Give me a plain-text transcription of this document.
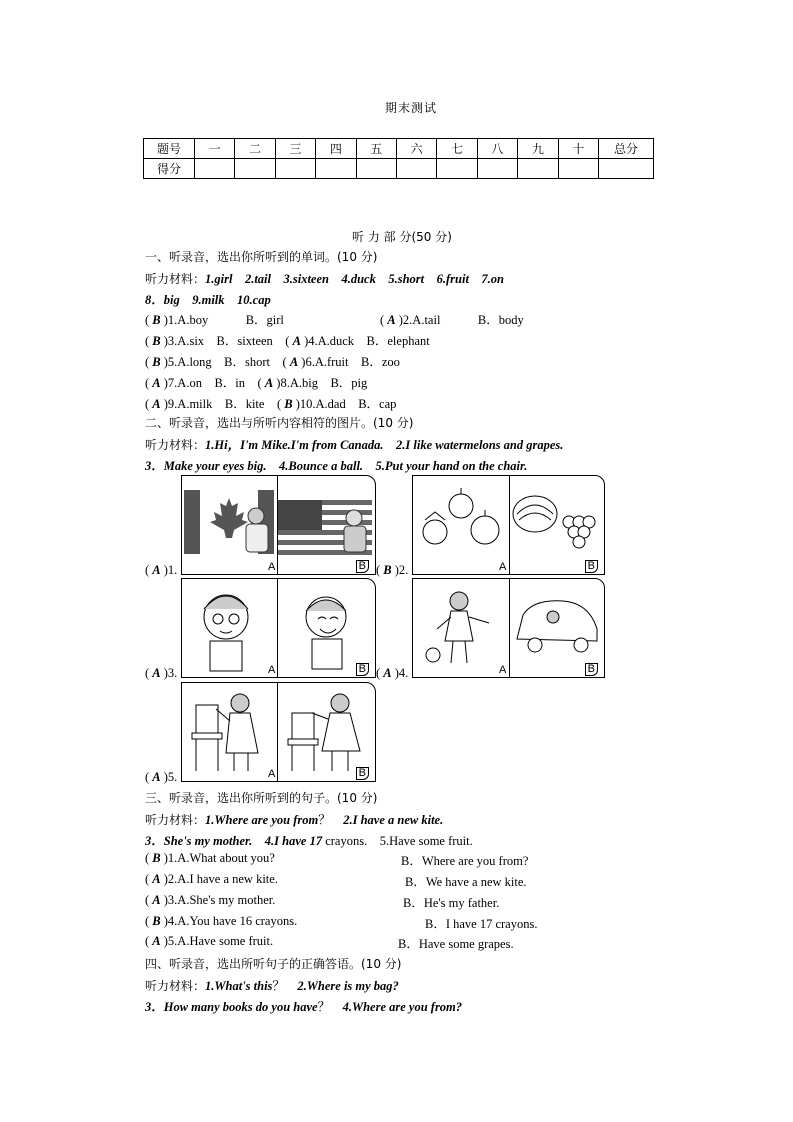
期末测试
题号	一	二	三	四	五	六	七	八	九	十	总分
得分											
听 力 部 分(50 分)
一、听录音，选出你所听到的单词。(10 分)
听力材料：1.girl　2.tail　3.sixteen　4.duck　5.short　6.fruit　7.on
8．big　9.milk　10.cap
( B )1.A.boy　　　B．girl	( A )2.A.tail　　　B．body
( B )3.A.six　B．sixteen　( A )4.A.duck　B．elephant
( B )5.A.long　B．short　( A )6.A.fruit　B．zoo
( A )7.A.on　B．in　( A )8.A.big　B．pig
( A )9.A.milk　B．kite　( B )10.A.dad　B．cap
二、听录音，选出与所听内容相符的图片。(10 分)
听力材料：1.Hi，I'm Mike.I'm from Canada.　2.I like watermelons and grapes.
3．Make your eyes big.　4.Bounce a ball.　5.Put your hand on the chair.
( A )1.	A	B ( B )2.	A	B
( A )3.	A	B ( A )4.	A	B
( A )5.	A	B
三、听录音，选出你所听到的句子。(10 分)
听力材料：1.Where are you from？　2.I have a new kite.
3．She's my mother.　4.I have 17 crayons.　5.Have some fruit.
( B )1.A.What about you?	B．Where are you from?
( A )2.A.I have a new kite.	B．We have a new kite.
( A )3.A.She's my mother.	B．He's my father.
( B )4.A.You have 16 crayons.	B．I have 17 crayons.
( A )5.A.Have some fruit.	B．Have some grapes.
四、听录音，选出所听句子的正确答语。(10 分)
听力材料：1.What's this？　2.Where is my bag?
3．How many books do you have？　4.Where are you from?
